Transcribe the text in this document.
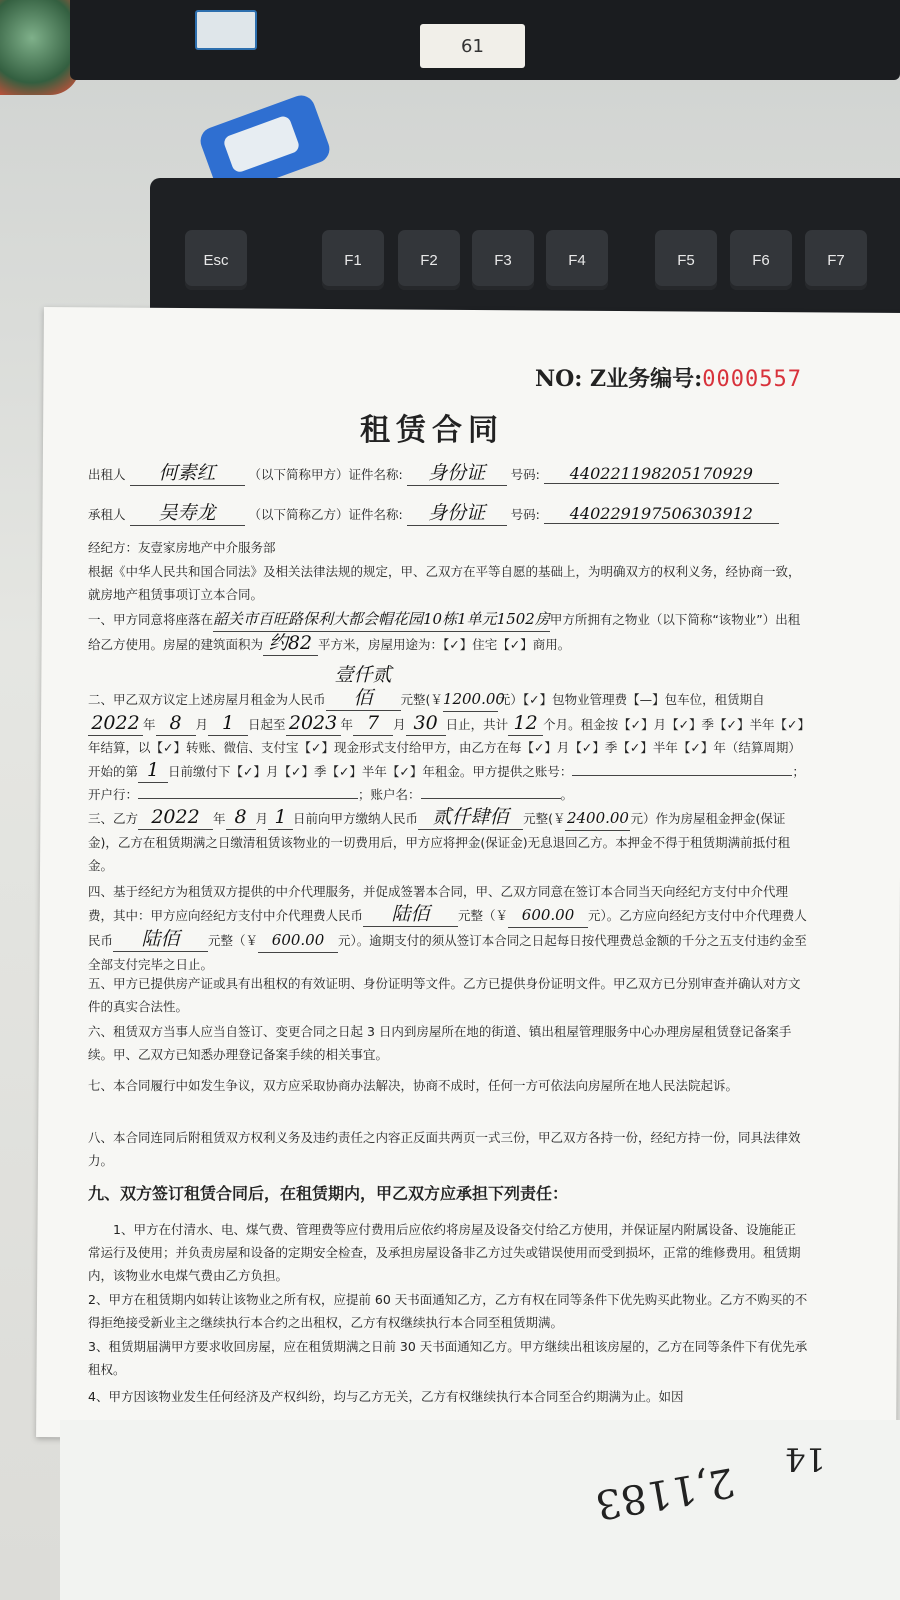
61
Esc	F1	F2	F3	F4	F5	F6	F7
2,1183 14
NO: Z业务编号:0000557
租赁合同
出租人 何素红	（以下简称甲方）证件名称: 身份证 号码: 440221198205170929
承租人 吴寿龙	（以下简称乙方）证件名称: 身份证 号码: 440229197506303912
经纪方：友壹家房地产中介服务部
根据《中华人民共和国合同法》及相关法律法规的规定，甲、乙双方在平等自愿的基础上，为明确双方的权利义务，经协商一致，就房地产租赁事项订立本合同。
一、甲方同意将座落在韶关市百旺路保利大都会帽花园10栋1单元1502房甲方所拥有之物业（以下简称“该物业”）出租给乙方使用。房屋的建筑面积为 约82 平方米，房屋用途为：【✓】住宅【✓】商用。
二、甲乙双方议定上述房屋月租金为人民币壹仟贰佰 元整(￥1200.00元）【✓】包物业管理费【—】包车位，租赁期自2022 年 8 月 1 日起至 2023 年 7 月 30 日止，共计 12 个月。租金按【✓】月【✓】季【✓】半年【✓】年结算，以【✓】转账、微信、支付宝【✓】现金形式支付给甲方，由乙方在每【✓】月【✓】季【✓】半年【✓】年（结算周期）开始的第 1 日前缴付下【✓】月【✓】季【✓】半年【✓】年租金。甲方提供之账号：	；开户行：	；账户名：	。
三、乙方 2022 年 8 月 1 日前向甲方缴纳人民币 贰仟肆佰 元整(￥2400.00元）作为房屋租金押金(保证金)，乙方在租赁期满之日缴清租赁该物业的一切费用后，甲方应将押金(保证金)无息退回乙方。本押金不得于租赁期满前抵付租金。
四、基于经纪方为租赁双方提供的中介代理服务，并促成签署本合同，甲、乙双方同意在签订本合同当天向经纪方支付中介代理费，其中：甲方应向经纪方支付中介代理费人民币 陆佰 元整（￥ 600.00 元）。乙方应向经纪方支付中介代理费人民币 陆佰 元整（￥ 600.00 元）。逾期支付的须从签订本合同之日起每日按代理费总金额的千分之五支付违约金至全部支付完毕之日止。
五、甲方已提供房产证或具有出租权的有效证明、身份证明等文件。乙方已提供身份证明文件。甲乙双方已分别审查并确认对方文件的真实合法性。
六、租赁双方当事人应当自签订、变更合同之日起 3 日内到房屋所在地的街道、镇出租屋管理服务中心办理房屋租赁登记备案手续。甲、乙双方已知悉办理登记备案手续的相关事宜。
七、本合同履行中如发生争议，双方应采取协商办法解决，协商不成时，任何一方可依法向房屋所在地人民法院起诉。
八、本合同连同后附租赁双方权利义务及违约责任之内容正反面共两页一式三份，甲乙双方各持一份，经纪方持一份，同具法律效力。
九、双方签订租赁合同后，在租赁期内，甲乙双方应承担下列责任：
1、甲方在付清水、电、煤气费、管理费等应付费用后应依约将房屋及设备交付给乙方使用，并保证屋内附属设备、设施能正常运行及使用；并负责房屋和设备的定期安全检查，及承担房屋设备非乙方过失或错误使用而受到损坏，正常的维修费用。租赁期内，该物业水电煤气费由乙方负担。
2、甲方在租赁期内如转让该物业之所有权，应提前 60 天书面通知乙方，乙方有权在同等条件下优先购买此物业。乙方不购买的不得拒绝接受新业主之继续执行本合约之出租权，乙方有权继续执行本合同至租赁期满。
3、租赁期届满甲方要求收回房屋，应在租赁期满之日前 30 天书面通知乙方。甲方继续出租该房屋的，乙方在同等条件下有优先承租权。
4、甲方因该物业发生任何经济及产权纠纷，均与乙方无关，乙方有权继续执行本合同至合约期满为止。如因
